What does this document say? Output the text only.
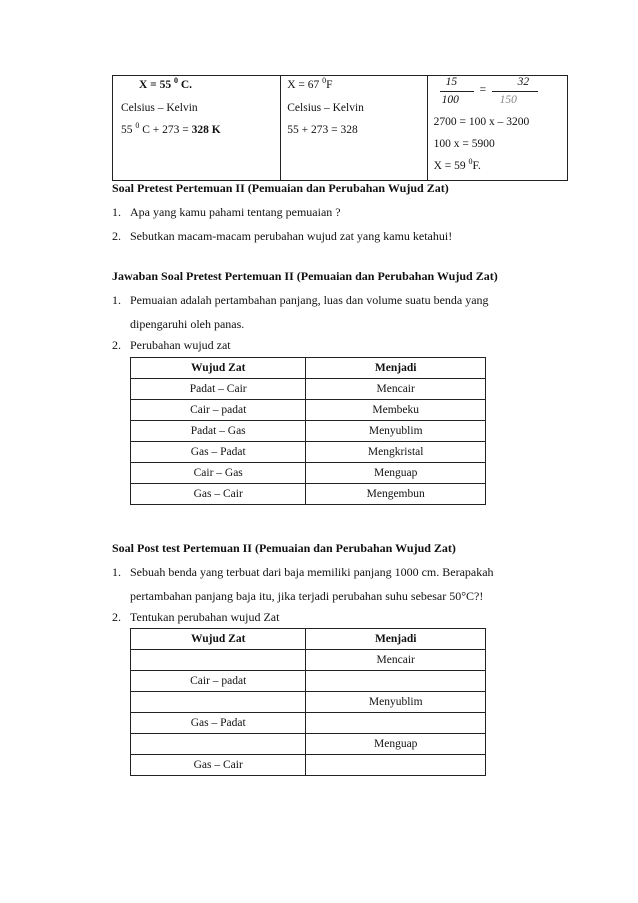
X = 55 $^0$ C.
Celsius – Kelvin
55 $^0$ C + 273 = 328 K

X = 67 $^0$F
Celsius – Kelvin
55 + 273 = 328

15
100
=
32
150
2700 = 100 x – 3200
100 x = 5900
X = 59 $^0$F.
Soal Pretest Pertemuan II (Pemuaian dan Perubahan Wujud Zat)
1. Apa yang kamu pahami tentang pemuaian ?
2. Sebutkan macam-macam perubahan wujud zat yang kamu ketahui!
Jawaban Soal Pretest Pertemuan II (Pemuaian dan Perubahan Wujud Zat)
1. Pemuaian adalah pertambahan panjang, luas dan volume suatu benda yang
dipengaruhi oleh panas.
2. Perubahan wujud zat
Wujud Zat	Menjadi
Padat – Cair	Mencair
Cair – padat	Membeku
Padat – Gas	Menyublim
Gas – Padat	Mengkristal
Cair – Gas	Menguap
Gas – Cair	Mengembun
Soal Post test Pertemuan II (Pemuaian dan Perubahan Wujud Zat)
1. Sebuah benda yang terbuat dari baja memiliki panjang 1000 cm. Berapakah
pertambahan panjang baja itu, jika terjadi perubahan suhu sebesar 50°C?!
2. Tentukan perubahan wujud Zat
Wujud Zat	Menjadi
	Mencair
Cair – padat	
	Menyublim
Gas – Padat	
	Menguap
Gas – Cair	
